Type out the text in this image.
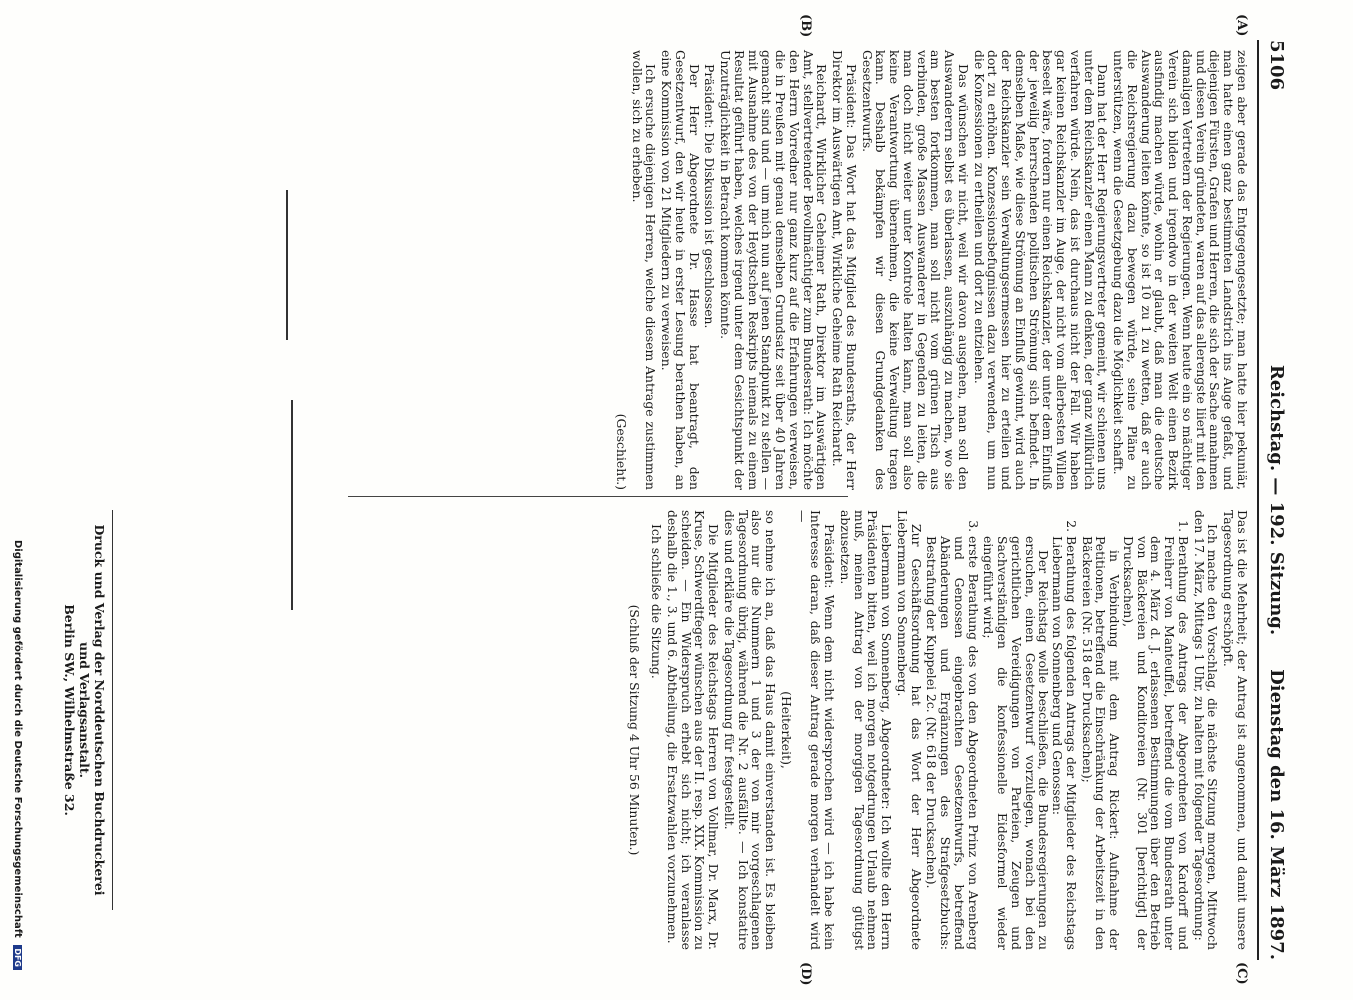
5106
Reichstag. — 192. Sitzung.
Dienstag den 16. März 1897.
(A)
(B)
(C)
(D)

zeigen aber gerade das Entgegengesetzte; man hatte hier pekuniär, man hatte einen ganz bestimmten Landstrich ins Auge gefaßt, und diejenigen Fürsten, Grafen und Herren, die sich der Sache annahmen und diesen Verein gründeten, waren auf das allerengste liiert mit den damaligen Vertretern der Regierungen. Wenn heute ein so mächtiger Verein sich bilden und irgendwo in der weiten Welt einen Bezirk ausfindig machen würde, wohin er glaubt, daß man die deutsche Auswanderung leiten könnte, so ist 10 zu 1 zu wetten, daß er auch die Reichsregierung dazu bewegen würde, seine Pläne zu unterstützen, wenn die Gesetzgebung dazu die Möglichkeit schafft.

Dann hat der Herr Regierungsvertreter gemeint, wir schienen uns unter dem Reichskanzler einen Mann zu denken, der ganz willkürlich verfahren würde. Nein, das ist durchaus nicht der Fall. Wir haben gar keinen Reichskanzler im Auge, der nicht vom allerbesten Willen beseelt wäre, fordern nur einen Reichskanzler, der unter dem Einfluß der jeweilig herrschenden politischen Strömung sich befindet. In demselben Maße, wie diese Strömung an Einfluß gewinnt, wird auch der Reichskanzler sein Verwaltungsermessen hier zu erteilen und dort zu erhöhen. Konzessionsbefugnissen dazu verwenden, um nun die Konzessionen zu ertheilen und dort zu entziehen.

Das wünschen wir nicht, weil wir davon ausgehen, man soll den Auswanderern selbst es überlassen, auszuhängig zu machen, wo sie am besten fortkommen, man soll nicht vom grünen Tisch aus verbinden, große Massen Auswanderer in Gegenden zu leiten, die man doch nicht weiter unter Kontrole halten kann, man soll also keine Verantwortung übernehmen, die keine Verwaltung tragen kann. Deshalb bekämpfen wir diesen Grundgedanken des Gesetzentwurfs.

Präsident: Das Wort hat das Mitglied des Bundesraths, der Herr Direktor im Auswärtigen Amt, Wirkliche Geheime Rath Reichardt.

Reichardt, Wirklicher Geheimer Rath, Direktor im Auswärtigen Amt, stellvertretender Bevollmächtigter zum Bundesrath: Ich möchte den Herrn Vorredner nur ganz kurz auf die Erfahrungen verweisen, die in Preußen mit genau demselben Grundsatz seit über 40 Jahren gemacht sind und — um mich nun auf jenen Standpunkt zu stellen — mit Ausnahme des von der Heydtschen Reskripts niemals zu einem Resultat geführt haben, welches irgend unter dem Gesichtspunkt der Unzuträglichkeit in Betracht kommen könnte.

Präsident: Die Diskussion ist geschlossen.

Der Herr Abgeordnete Dr. Hasse hat beantragt, den Gesetzentwurf, den wir heute in erster Lesung berathen haben, an eine Kommission von 21 Mitgliedern zu verweisen.

Ich ersuche diejenigen Herren, welche diesem Antrage zustimmen wollen, sich zu erheben.

(Geschieht.)

Das ist die Mehrheit; der Antrag ist angenommen, und damit unsere Tagesordnung erschöpft.

Ich mache den Vorschlag, die nächste Sitzung morgen, Mittwoch den 17. März, Mittags 1 Uhr, zu halten mit folgender Tagesordnung:

1. Berathung des Antrags der Abgeordneten von Kardorff und Freiherr von Manteuffel, betreffend die vom Bundesrath unter dem 4. März d. J. erlassenen Bestimmungen über den Betrieb von Bäckereien und Konditoreien (Nr. 301 [berichtigt] der Drucksachen),
in Verbindung mit dem Antrag Rickert: Aufnahme der Petitionen, betreffend die Einschränkung der Arbeitszeit in den Bäckereien (Nr. 518 der Drucksachen);
2. Berathung des folgenden Antrags der Mitglieder des Reichstags Liebermann von Sonnenberg und Genossen:
Der Reichstag wolle beschließen, die Bundesregierungen zu ersuchen, einen Gesetzentwurf vorzulegen, wonach bei den gerichtlichen Vereidigungen von Parteien, Zeugen und Sachverständigen die konfessionelle Eidesformel wieder eingeführt wird;
3. erste Berathung des von den Abgeordneten Prinz von Arenberg und Genossen eingebrachten Gesetzentwurfs, betreffend Abänderungen und Ergänzungen des Strafgesetzbuchs: Bestrafung der Kuppelei 2c. (Nr. 618 der Drucksachen).

Zur Geschäftsordnung hat das Wort der Herr Abgeordnete Liebermann von Sonnenberg.

Liebermann von Sonnenberg, Abgeordneter: Ich wollte den Herrn Präsidenten bitten, weil ich morgen notgedrungen Urlaub nehmen muß, meinen Antrag von der morgigen Tagesordnung gütigst abzusetzen.

Präsident: Wenn dem nicht widersprochen wird — ich habe kein Interesse daran, daß dieser Antrag gerade morgen verhandelt wird —

(Heiterkeit),

so nehme ich an, daß das Haus damit einverstanden ist. Es bleiben also nur die Nummern 1 und 3 der von mir vorgeschlagenen Tagesordnung übrig, während die Nr. 2 ausfällte. — Ich konstatire dies und erkläre die Tagesordnung für festgestellt.

Die Mitglieder des Reichstags Herren von Vollmar, Dr. Marx, Dr. Kruse, Schwerdtfeger wünschen aus der II. resp. XIX. Kommission zu scheiden. — Ein Widerspruch erhebt sich nicht; ich veranlasse deshalb die 1., 3. und 6. Abtheilung, die Ersatzwahlen vorzunehmen.

Ich schließe die Sitzung.

(Schluß der Sitzung 4 Uhr 56 Minuten.)

Druck und Verlag der Norddeutschen Buchdruckerei und Verlagsanstalt.
Berlin SW., Wilhelmstraße 32.
Digitalisierung gefördert durch die Deutsche Forschungsgemeinschaft DFG
